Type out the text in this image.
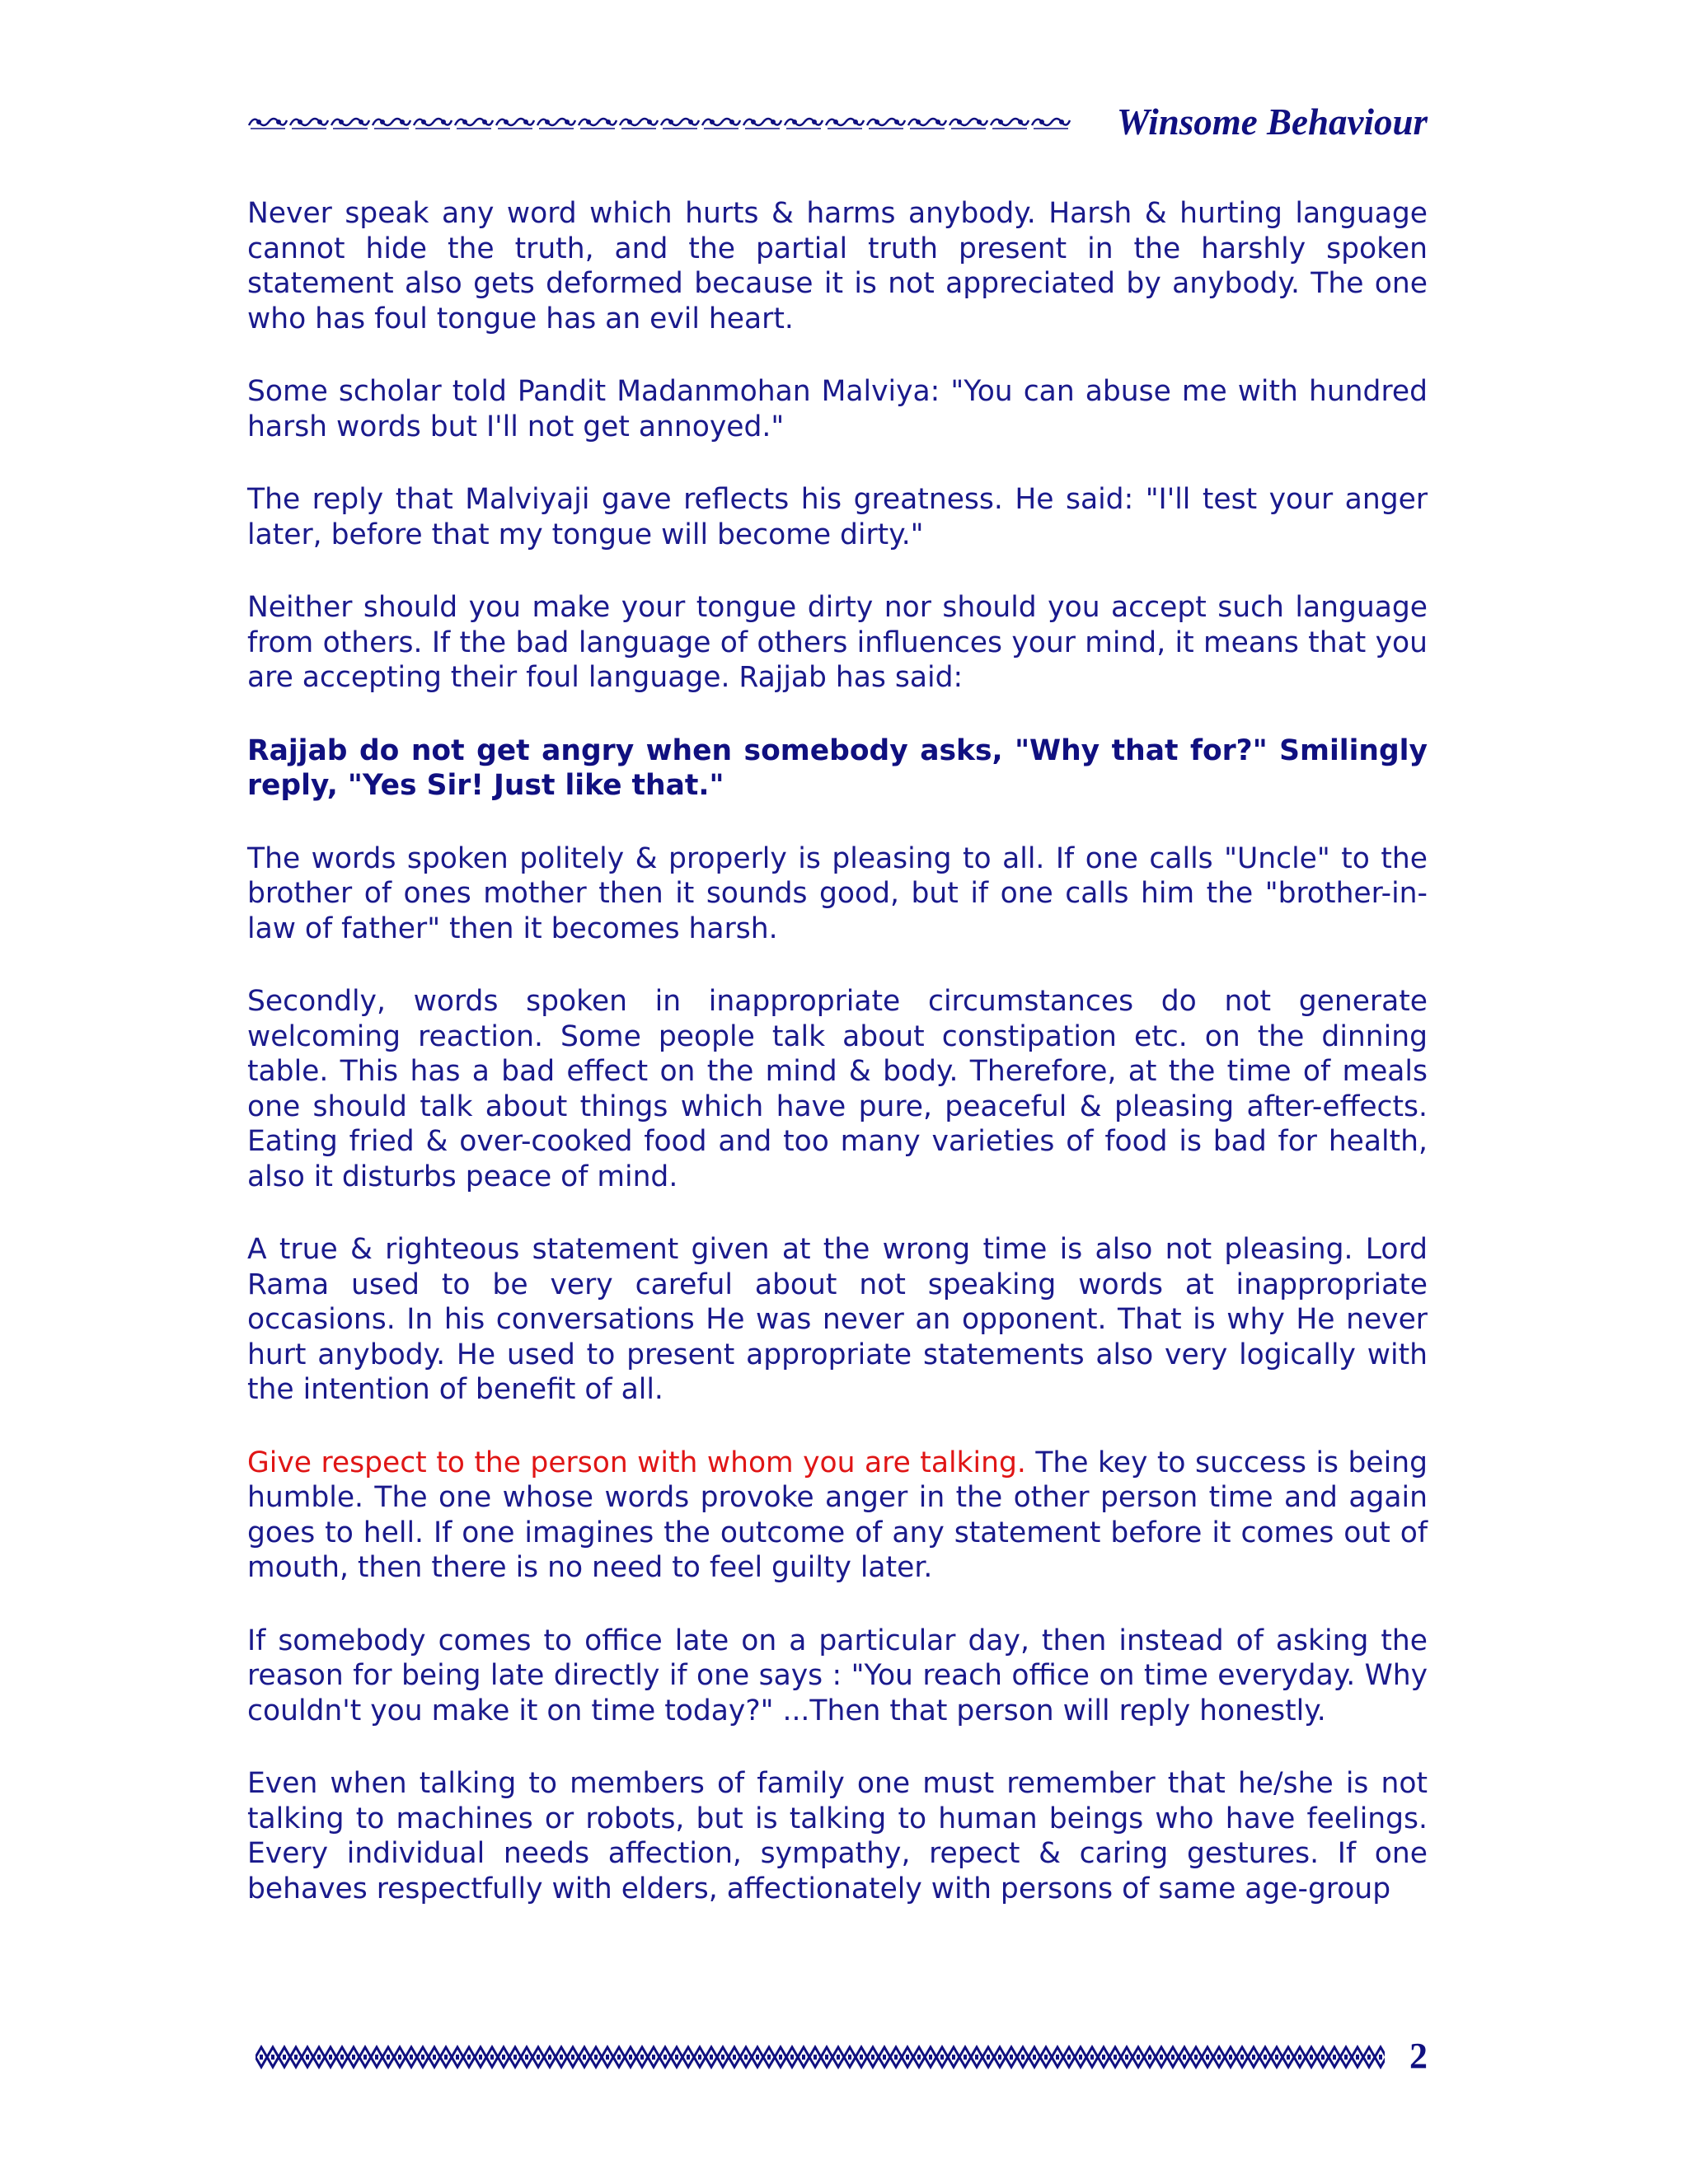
Winsome Behaviour

Never speak any word which hurts & harms anybody. Harsh & hurting language cannot hide the truth, and the partial truth present in the harshly spoken statement also gets deformed because it is not appreciated by anybody. The one who has foul tongue has an evil heart.

Some scholar told Pandit Madanmohan Malviya: "You can abuse me with hundred harsh words but I'll not get annoyed."

The reply that Malviyaji gave reflects his greatness. He said: "I'll test your anger later, before that my tongue will become dirty."

Neither should you make your tongue dirty nor should you accept such language from others. If the bad language of others influences your mind, it means that you are accepting their foul language. Rajjab has said:

Rajjab do not get angry when somebody asks, "Why that for?" Smilingly reply, "Yes Sir! Just like that."

The words spoken politely & properly is pleasing to all. If one calls "Uncle" to the brother of ones mother then it sounds good, but if one calls him the "brother-in-law of father" then it becomes harsh.

Secondly, words spoken in inappropriate circumstances do not generate welcoming reaction. Some people talk about constipation etc. on the dinning table. This has a bad effect on the mind & body. Therefore, at the time of meals one should talk about things which have pure, peaceful & pleasing after-effects. Eating fried & over-cooked food and too many varieties of food is bad for health, also it disturbs peace of mind.

A true & righteous statement given at the wrong time is also not pleasing. Lord Rama used to be very careful about not speaking words at inappropriate occasions. In his conversations He was never an opponent. That is why He never hurt anybody. He used to present appropriate statements also very logically with the intention of benefit of all.

Give respect to the person with whom you are talking. The key to success is being humble. The one whose words provoke anger in the other person time and again goes to hell. If one imagines the outcome of any statement before it comes out of mouth, then there is no need to feel guilty later.

If somebody comes to office late on a particular day, then instead of asking the reason for being late directly if one says : "You reach office on time everyday. Why couldn't you make it on time today?" ...Then that person will reply honestly.

Even when talking to members of family one must remember that he/she is not talking to machines or robots, but is talking to human beings who have feelings. Every individual needs affection, sympathy, repect & caring gestures. If one behaves respectfully with elders, affectionately with persons of same age-group

2
